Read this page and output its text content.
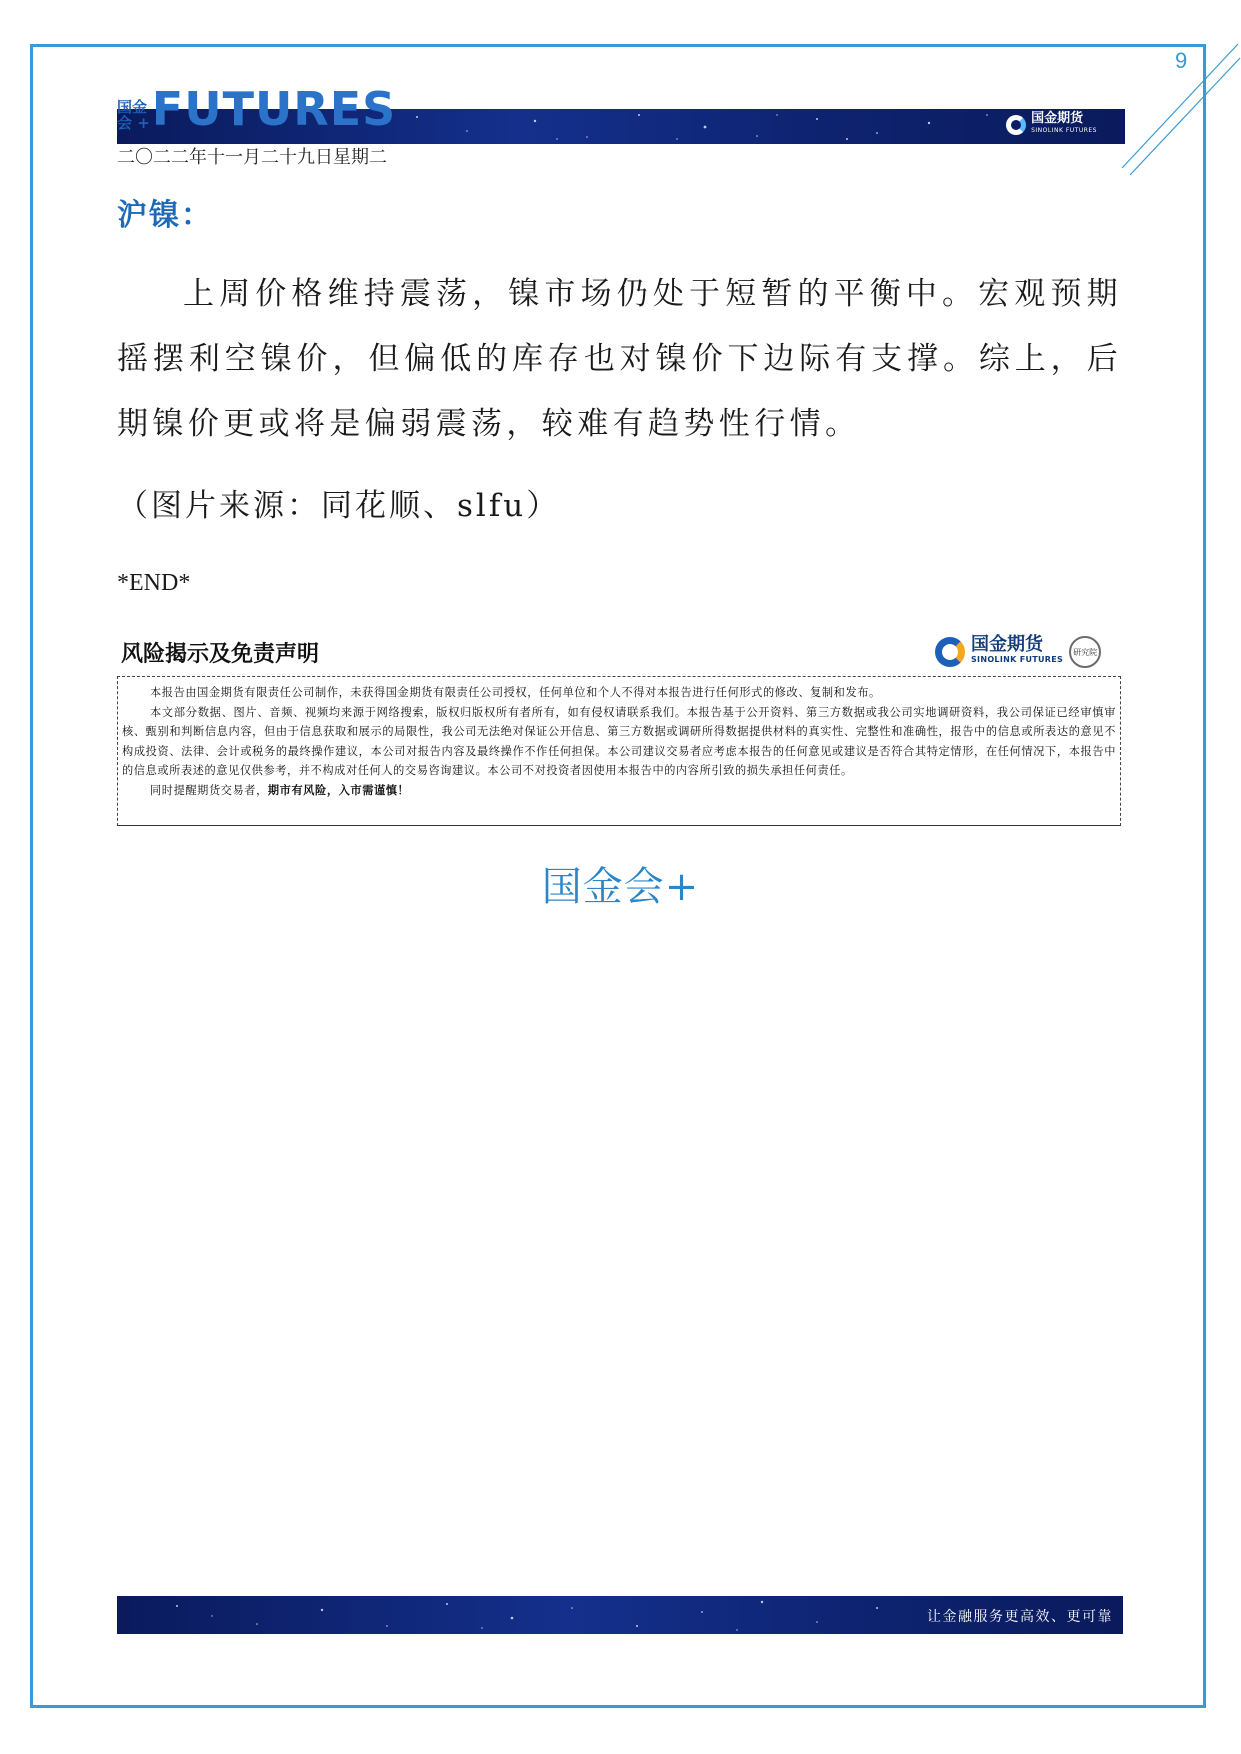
9
国金期货
SINOLINK FUTURES
国金
会 + FUTURES
二〇二二年十一月二十九日星期二
沪镍：
上周价格维持震荡，镍市场仍处于短暂的平衡中。宏观预期摇摆利空镍价，但偏低的库存也对镍价下边际有支撑。综上，后期镍价更或将是偏弱震荡，较难有趋势性行情。
（图片来源：同花顺、slfu）
*END*
风险揭示及免责声明	国金期货
SINOLINK FUTURES
研究院

本报告由国金期货有限责任公司制作，未获得国金期货有限责任公司授权，任何单位和个人不得对本报告进行任何形式的修改、复制和发布。

本文部分数据、图片、音频、视频均来源于网络搜索，版权归版权所有者所有，如有侵权请联系我们。本报告基于公开资料、第三方数据或我公司实地调研资料，我公司保证已经审慎审核、甄别和判断信息内容，但由于信息获取和展示的局限性，我公司无法绝对保证公开信息、第三方数据或调研所得数据提供材料的真实性、完整性和准确性，报告中的信息或所表达的意见不构成投资、法律、会计或税务的最终操作建议，本公司对报告内容及最终操作不作任何担保。本公司建议交易者应考虑本报告的任何意见或建议是否符合其特定情形，在任何情况下，本报告中的信息或所表述的意见仅供参考，并不构成对任何人的交易咨询建议。本公司不对投资者因使用本报告中的内容所引致的损失承担任何责任。

同时提醒期货交易者，期市有风险，入市需谨慎！

国金会+
让金融服务更高效、更可靠
